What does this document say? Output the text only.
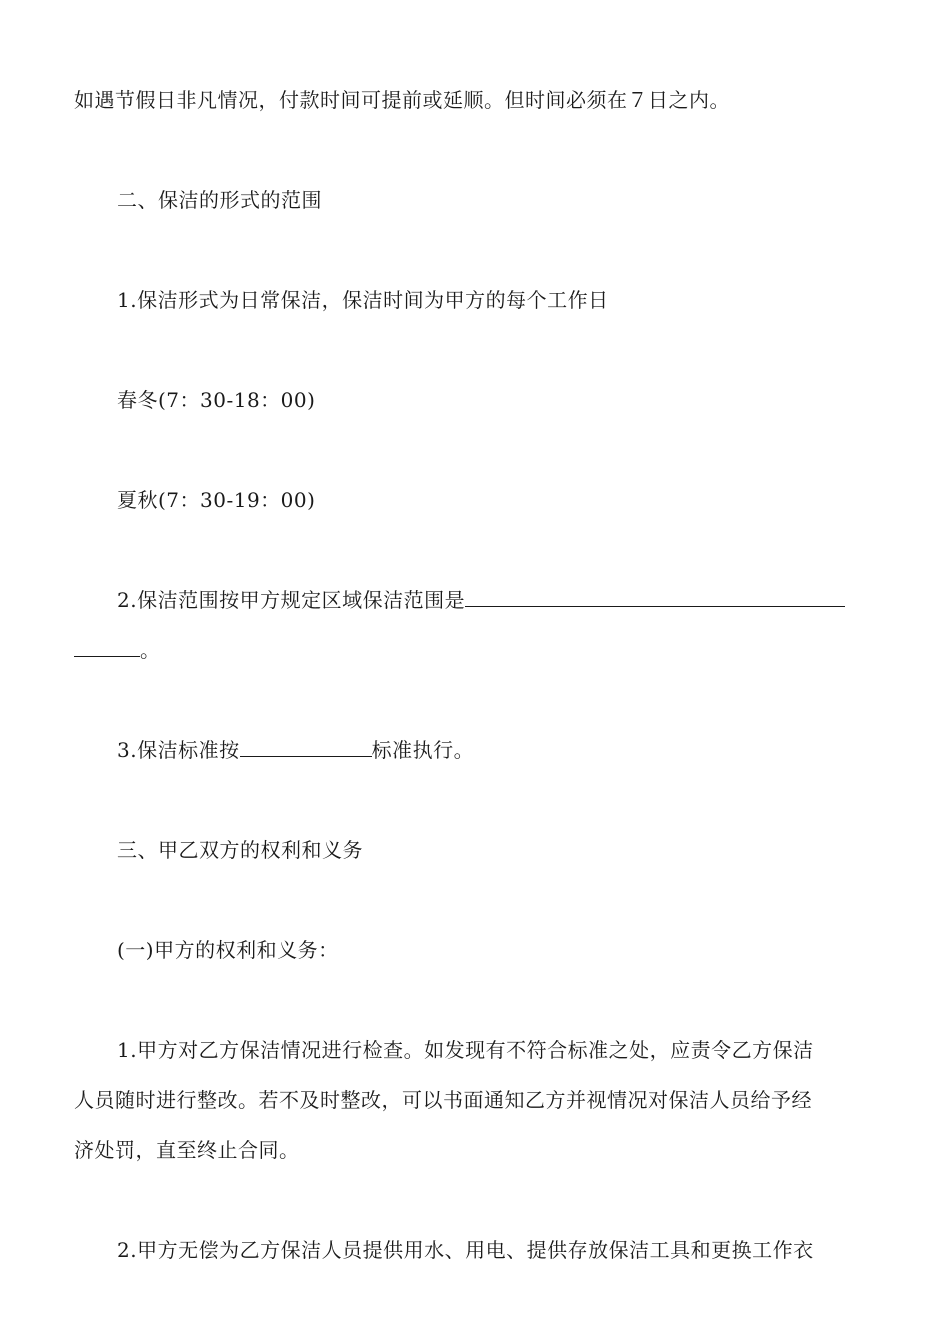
如遇节假日非凡情况，付款时间可提前或延顺。但时间必须在７日之内。
二、保洁的形式的范围
1.保洁形式为日常保洁，保洁时间为甲方的每个工作日
春冬(7：30-18：00)
夏秋(7：30-19：00)
2.保洁范围按甲方规定区域保洁范围是
。
3.保洁标准按	标准执行。
三、甲乙双方的权利和义务
(一)甲方的权利和义务：
1.甲方对乙方保洁情况进行检查。如发现有不符合标准之处，应责令乙方保洁
人员随时进行整改。若不及时整改，可以书面通知乙方并视情况对保洁人员给予经
济处罚，直至终止合同。
2.甲方无偿为乙方保洁人员提供用水、用电、提供存放保洁工具和更换工作衣
